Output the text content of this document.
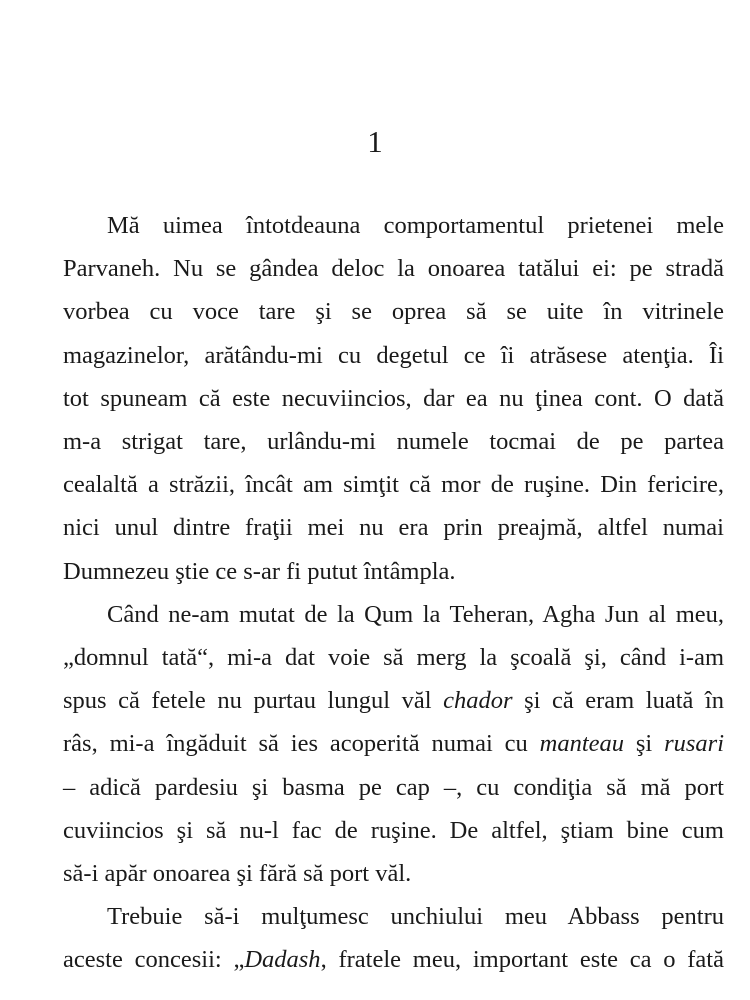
1
Mă uimea întotdeauna comportamentul prietenei mele
Parvaneh. Nu se gândea deloc la onoarea tatălui ei: pe stradă
vorbea cu voce tare şi se oprea să se uite în vitrinele
magazinelor, arătându-mi cu degetul ce îi atrăsese atenţia. Îi
tot spuneam că este necuviincios, dar ea nu ţinea cont. O dată
m-a strigat tare, urlându-mi numele tocmai de pe partea
cealaltă a străzii, încât am simţit că mor de ruşine. Din fericire,
nici unul dintre fraţii mei nu era prin preajmă, altfel numai
Dumnezeu ştie ce s-ar fi putut întâmpla.
Când ne-am mutat de la Qum la Teheran, Agha Jun al meu,
„domnul tată“, mi-a dat voie să merg la şcoală şi, când i-am
spus că fetele nu purtau lungul văl chador şi că eram luată în
râs, mi-a îngăduit să ies acoperită numai cu manteau şi rusari
– adică pardesiu şi basma pe cap –, cu condiţia să mă port
cuviincios şi să nu-l fac de ruşine. De altfel, ştiam bine cum
să-i apăr onoarea şi fără să port văl.
Trebuie să-i mulţumesc unchiului meu Abbass pentru
aceste concesii: „Dadash, fratele meu, important este ca o fată
